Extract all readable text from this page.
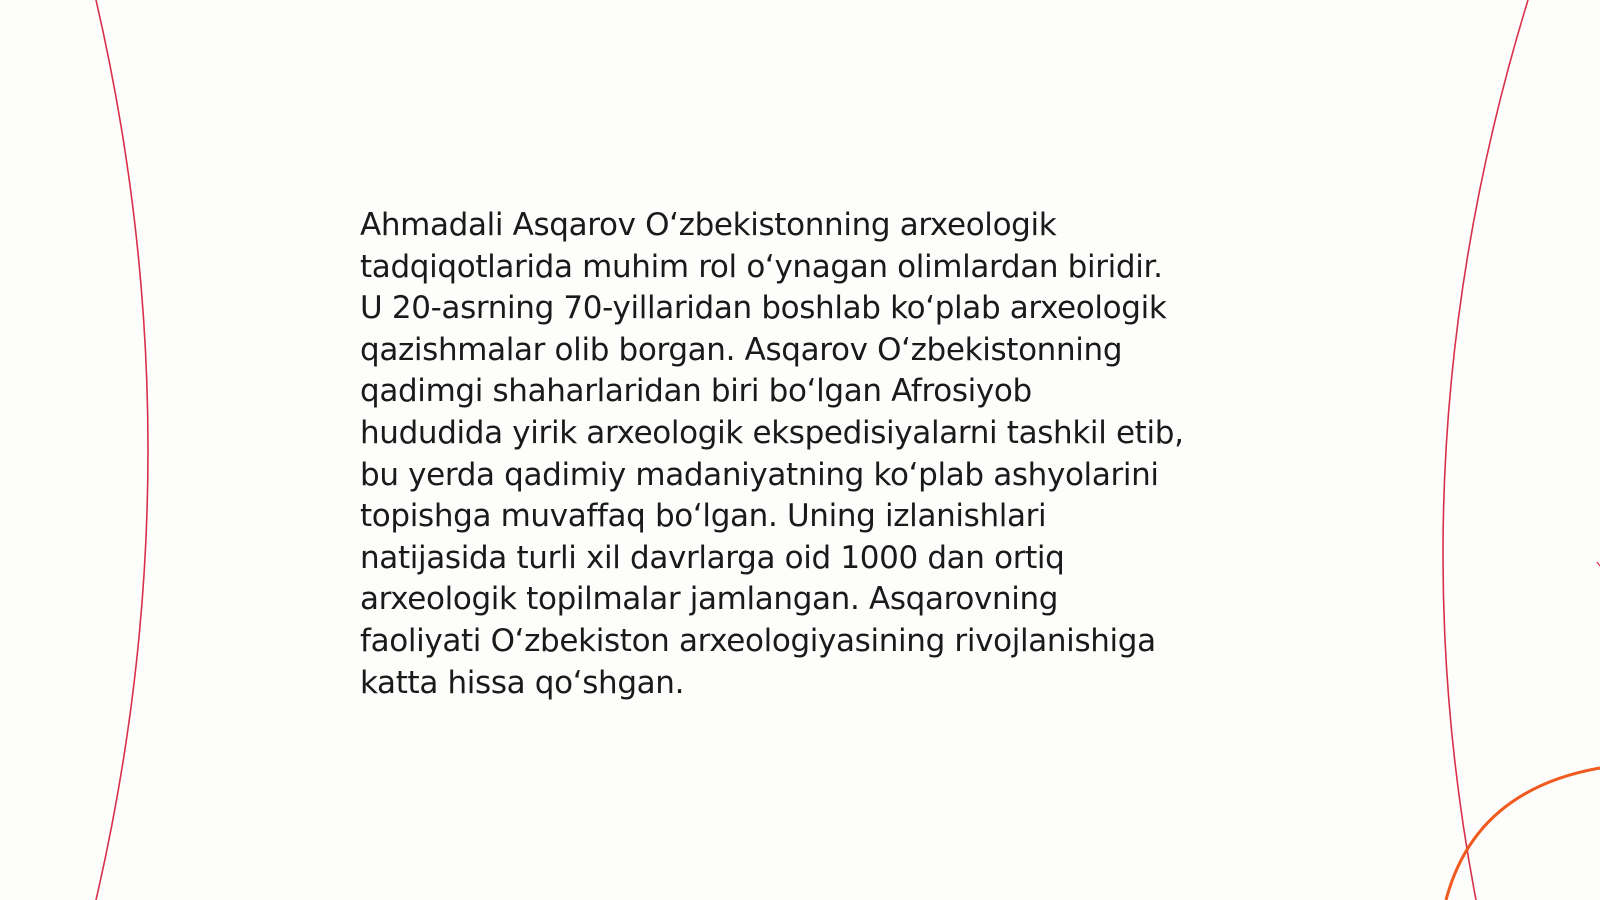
Ahmadali Asqarov O‘zbekistonning arxeologik
tadqiqotlarida muhim rol o‘ynagan olimlardan biridir.
U 20-asrning 70-yillaridan boshlab ko‘plab arxeologik
qazishmalar olib borgan. Asqarov O‘zbekistonning
qadimgi shaharlaridan biri bo‘lgan Afrosiyob
hududida yirik arxeologik ekspedisiyalarni tashkil etib,
bu yerda qadimiy madaniyatning ko‘plab ashyolarini
topishga muvaffaq bo‘lgan. Uning izlanishlari
natijasida turli xil davrlarga oid 1000 dan ortiq
arxeologik topilmalar jamlangan. Asqarovning
faoliyati O‘zbekiston arxeologiyasining rivojlanishiga
katta hissa qo‘shgan.
